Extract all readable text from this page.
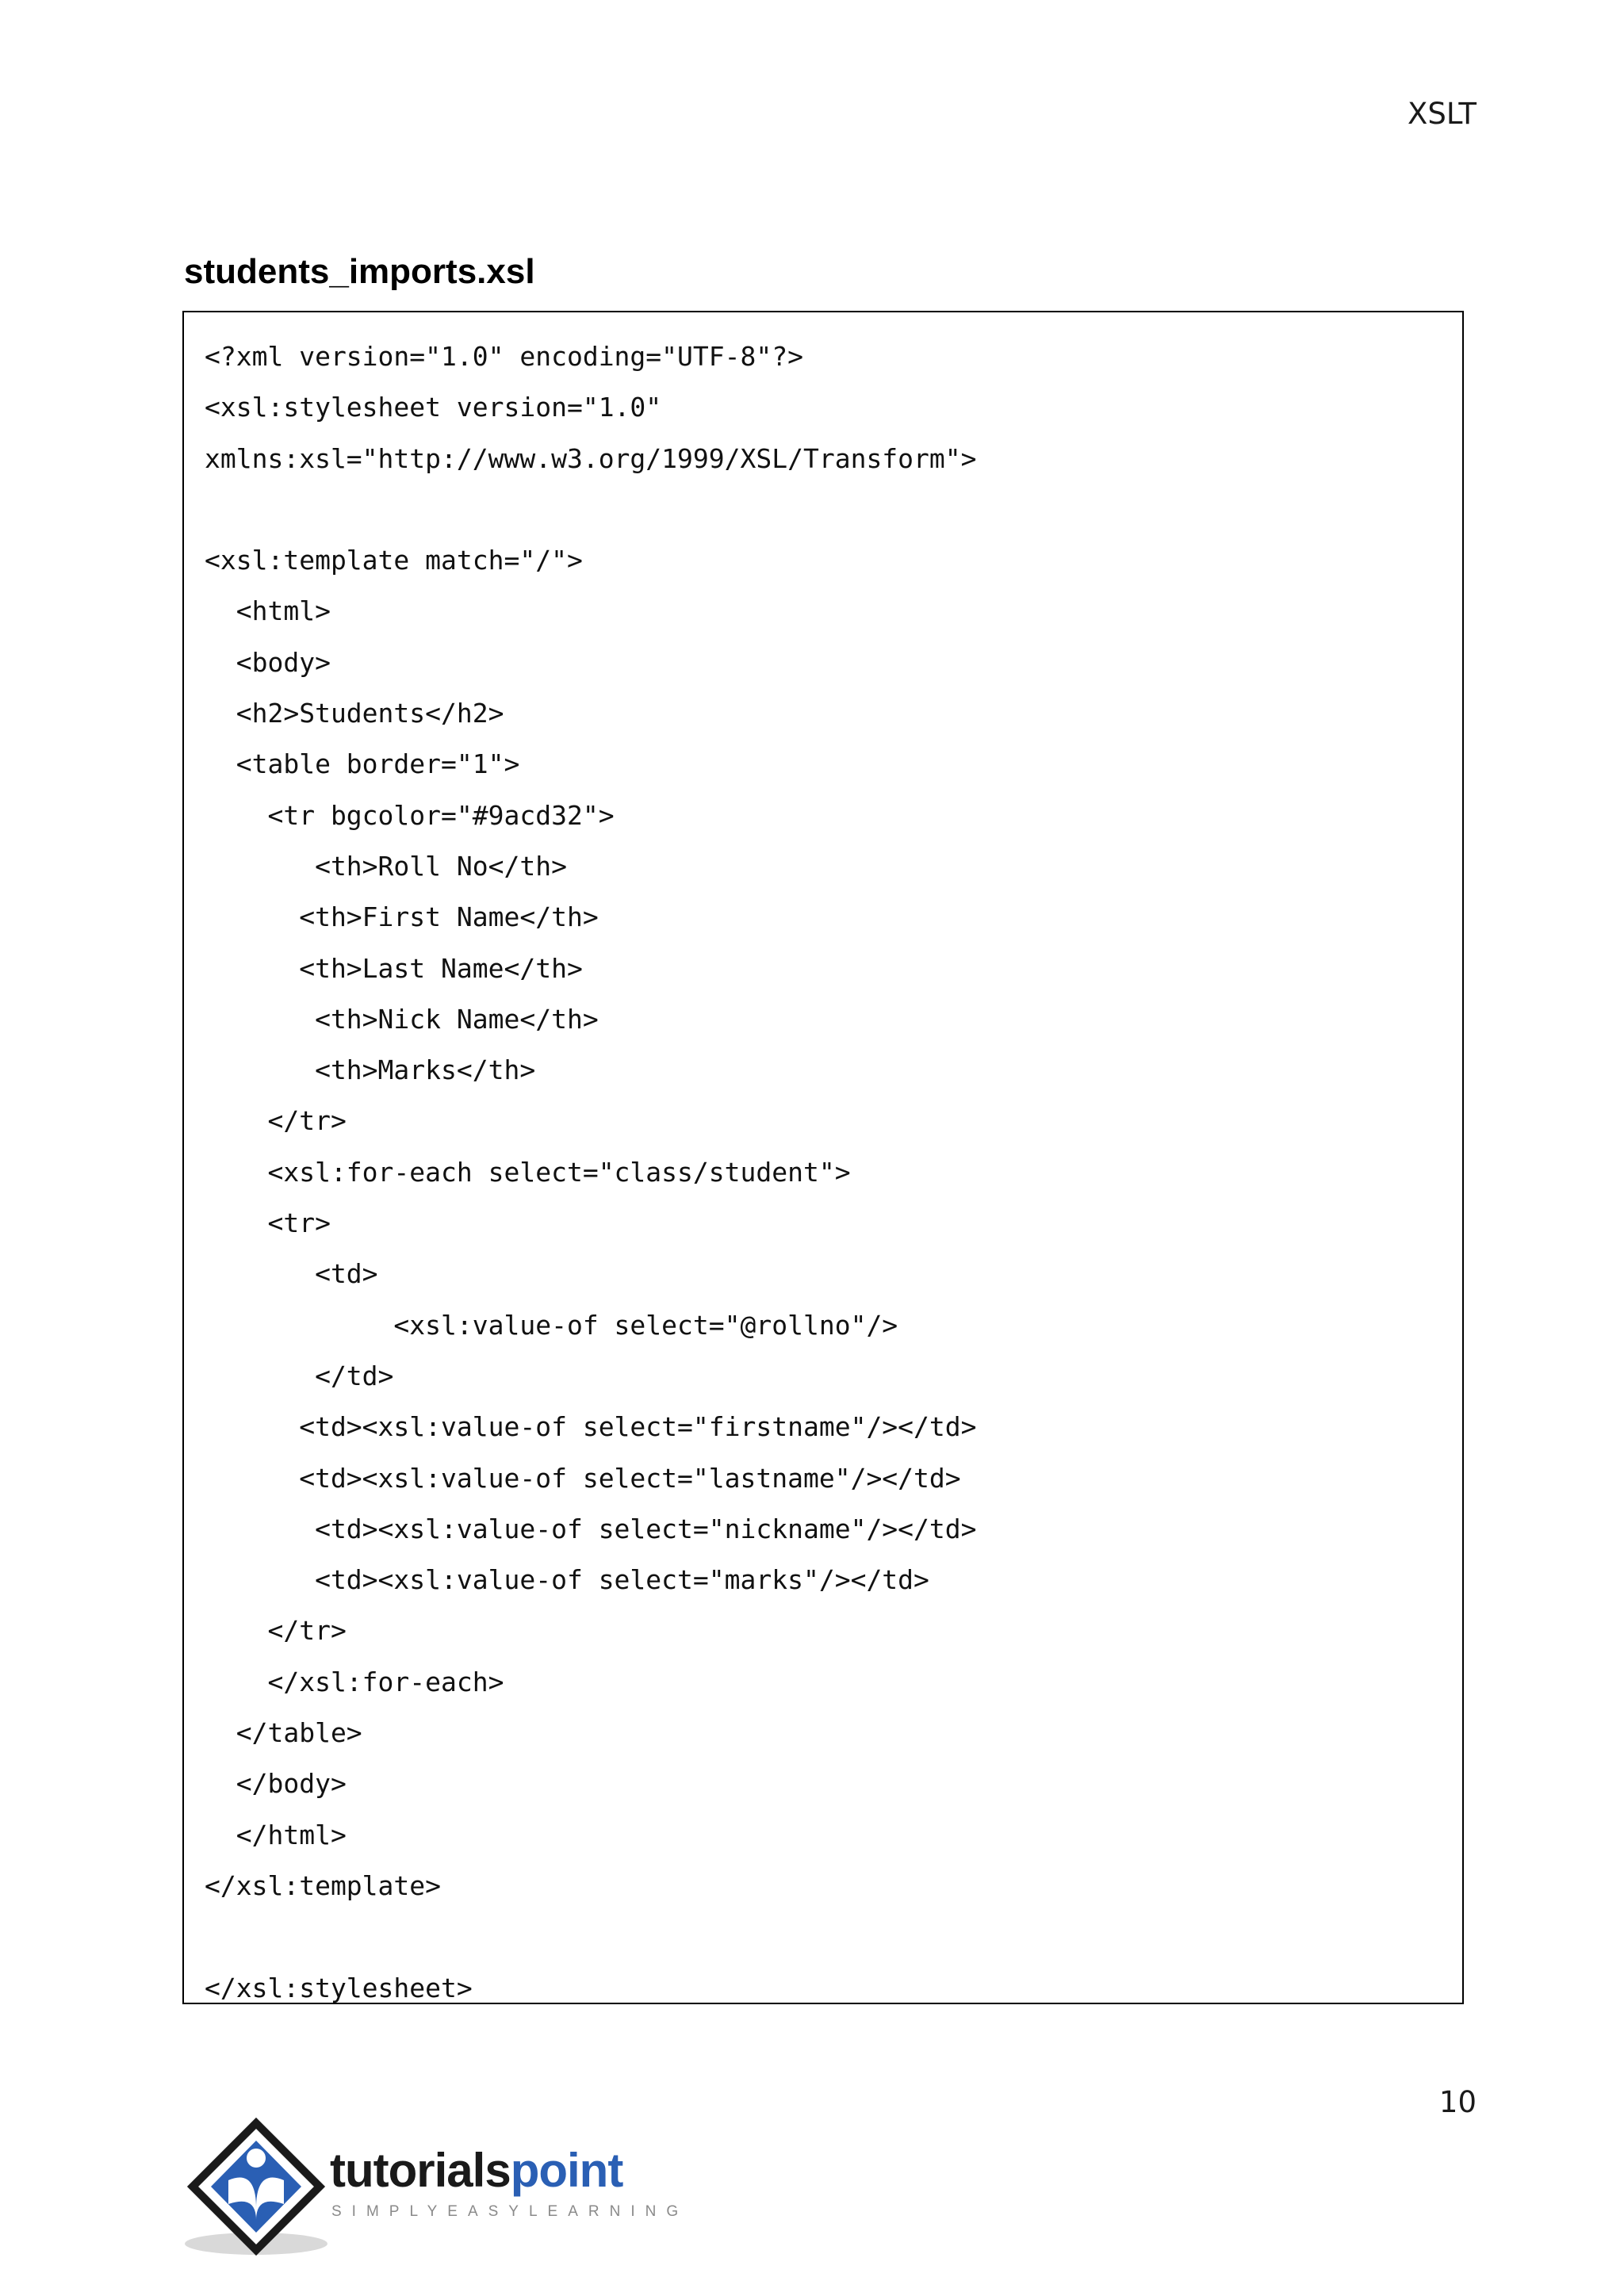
XSLT
students_imports.xsl
<?xml version="1.0" encoding="UTF-8"?>
<xsl:stylesheet version="1.0"
xmlns:xsl="http://www.w3.org/1999/XSL/Transform">
<xsl:template match="/">
<html>
<body>
<h2>Students</h2>
<table border="1">
<tr bgcolor="#9acd32">
<th>Roll No</th>
<th>First Name</th>
<th>Last Name</th>
<th>Nick Name</th>
<th>Marks</th>
</tr>
<xsl:for-each select="class/student">
<tr>
<td>
<xsl:value-of select="@rollno"/>
</td>
<td><xsl:value-of select="firstname"/></td>
<td><xsl:value-of select="lastname"/></td>
<td><xsl:value-of select="nickname"/></td>
<td><xsl:value-of select="marks"/></td>
</tr>
</xsl:for-each>
</table>
</body>
</html>
</xsl:template>
</xsl:stylesheet>
10
tutorialspoint
SIMPLYEASYLEARNING
